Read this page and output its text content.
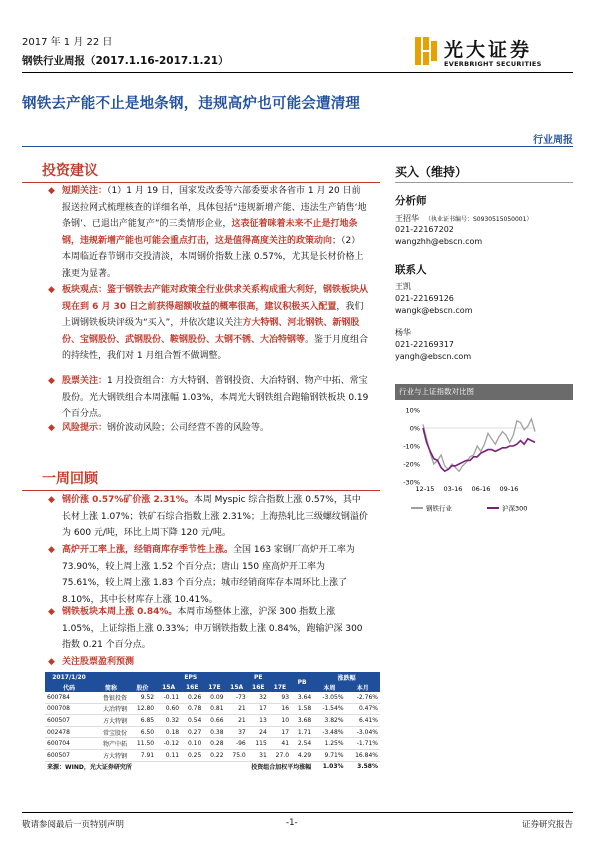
2017 年 1 月 22 日
钢铁行业周报（2017.1.16-2017.1.21）	光大证券
EVERBRIGHT SECURITIES
钢铁去产能不止是地条钢，违规高炉也可能会遭清理
行业周报
投资建议
◆ 短期关注：（1）1 月 19 日，国家发改委等六部委要求各省市 1 月 20 日前报送拉网式梳理核查的详细名单，具体包括“违规新增产能、违法生产销售‘地条钢’、已退出产能复产”的三类情形企业，这表征着咪着未来不止是打地条钢，违规新增产能也可能会重点打击，这是值得高度关注的政策动向；（2）本周临近春节钢市交投清淡，本周钢价指数上涨 0.57%，尤其是长材价格上涨更为显著。
◆ 板块观点：鉴于钢铁去产能对政策全行业供求关系构成重大利好，钢铁板块从现在到 6 月 30 日之前获得超额收益的概率很高，建议积极买入配置，我们上调钢铁板块评级为“买入”，并依次建议关注方大特钢、河北钢铁、新钢股份、宝钢股份、武钢股份、鞍钢股份、太钢不锈、大冶特钢等。鉴于月度组合的持续性，我们对 1 月组合暂不做调整。
◆ 股票关注：1 月投资组合：方大特钢、普钢投资、大冶特钢、物产中拓、常宝股份。光大钢铁组合本周涨幅 1.03%，本周光大钢铁组合跑输钢铁板块 0.19 个百分点。
◆ 风险提示：钢价波动风险；公司经营不善的风险等。
一周回顾
◆ 钢价涨 0.57%矿价涨 2.31%。本周 Myspic 综合指数上涨 0.57%，其中长材上涨 1.07%；铁矿石综合指数上涨 2.31%；上海热轧比三级螺纹钢溢价为 600 元/吨，环比上周下降 120 元/吨。
◆ 高炉开工率上涨，经销商库存季节性上涨。全国 163 家钢厂高炉开工率为 73.90%，较上周上涨 1.52 个百分点；唐山 150 座高炉开工率为 75.61%，较上周上涨 1.83 个百分点；城市经销商库存本周环比上涨了 8.10%，其中长材库存上涨 10.41%。
◆ 钢铁板块本周上涨 0.84%。本周市场整体上涨，沪深 300 指数上涨 1.05%，上证综指上涨 0.33%；申万钢铁指数上涨 0.84%，跑输沪深 300 指数 0.21 个百分点。
◆ 关注股票盈利预测
2017/1/20			EPS			PE			PB	涨跌幅	
代码	简称	股价	15A	16E	17E	15A	16E	17E		本周	本月
600784	鲁银投资	9.52	-0.11	0.26	0.09	-73	32	93	3.64	-3.05%	-2.76%
000708	大冶特钢	12.80	0.60	0.78	0.81	21	17	16	1.58	-1.54%	0.47%
600507	方大特钢	6.85	0.32	0.54	0.66	21	13	10	3.68	3.82%	6.41%
002478	常宝股份	6.50	0.18	0.27	0.38	37	24	17	1.71	-3.48%	-3.04%
600704	物产中拓	11.50	-0.12	0.10	0.28	-96	115	41	2.54	1.25%	-1.71%
600507	方大特钢	7.91	0.11	0.25	0.22	75.0	31	27.0	4.29	9.71%	16.84%
来源：WIND，光大证券研究所						投资组合加权平均涨幅				1.03%	3.58%
买入（维持）
分析师
王招华 （执业证书编号：S0930515050001）
021-22167202
wangzhh@ebscn.com
联系人
王凯
021-22169126
wangk@ebscn.com
杨华
021-22169317
yangh@ebscn.com
行业与上证指数对比图
10%
0%
-10%
-20%
-30%
12-15 03-16 06-16 09-16
钢铁行业	沪深300
敬请参阅最后一页特别声明	-1-	证券研究报告
